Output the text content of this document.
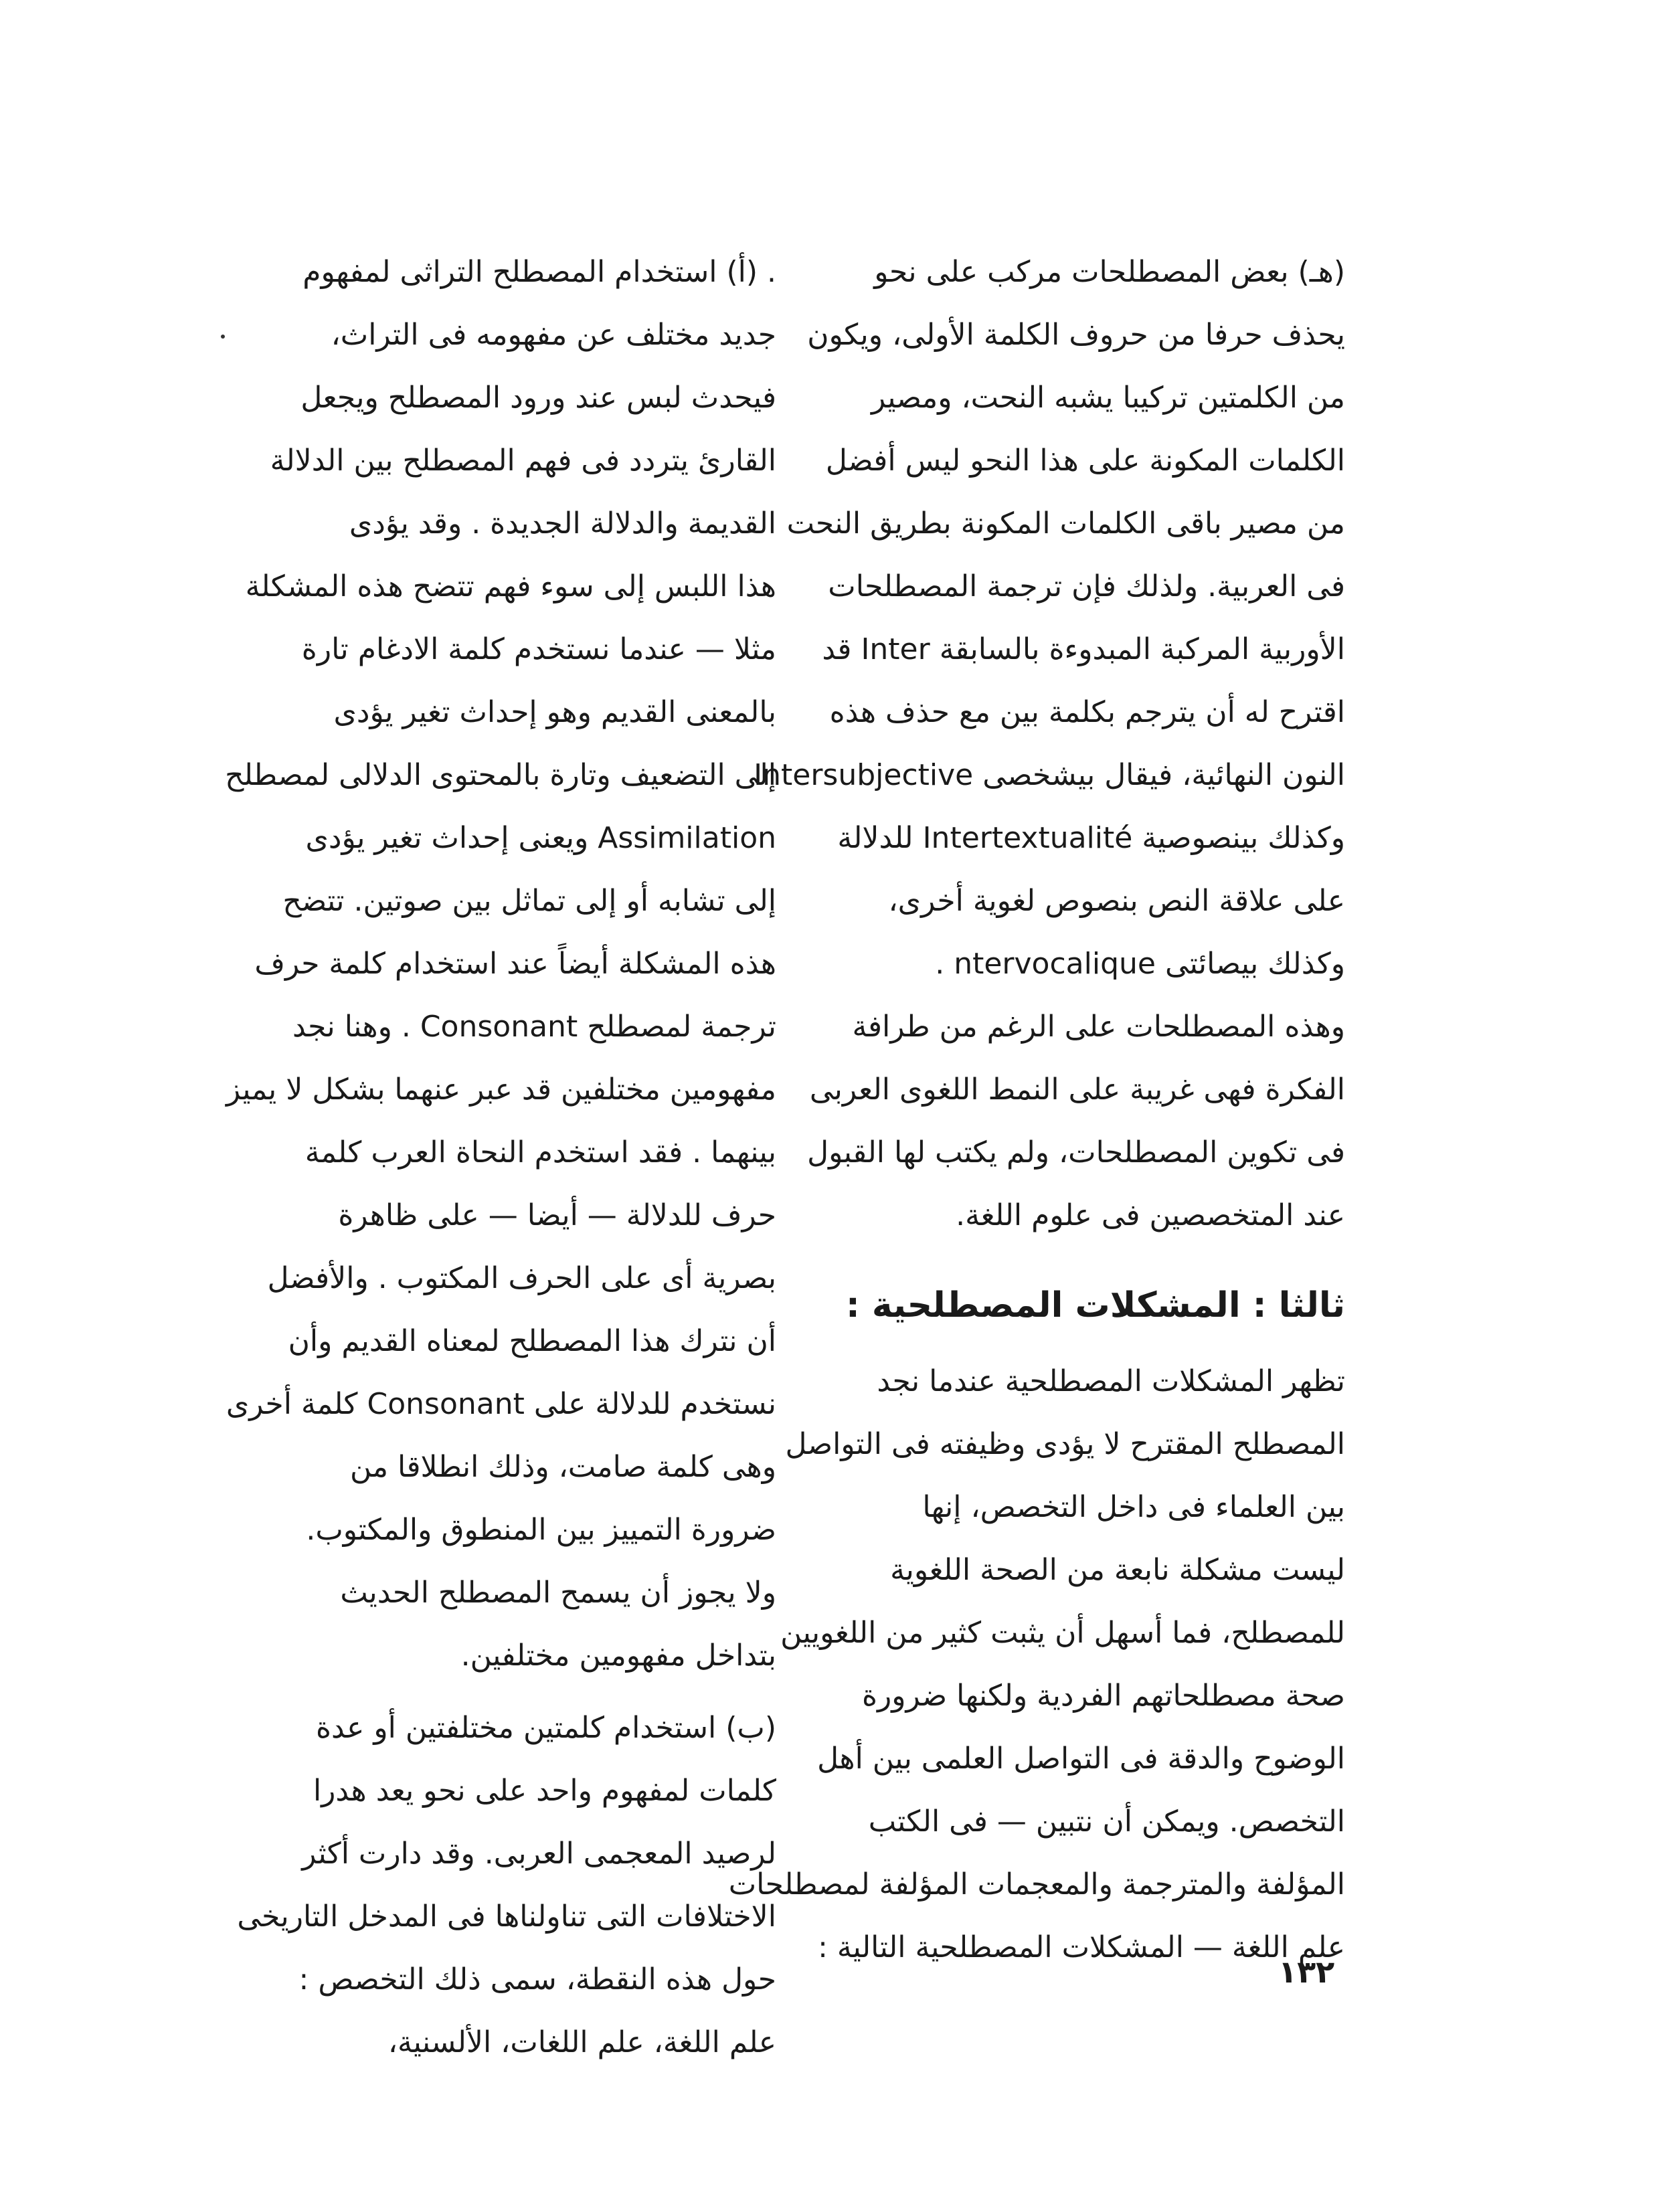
(هـ) بعض المصطلحات مركب على نحو
يحذف حرفا من حروف الكلمة الأولى، ويكون
من الكلمتين تركيبا يشبه النحت، ومصير
الكلمات المكونة على هذا النحو ليس أفضل
من مصير باقى الكلمات المكونة بطريق النحت
فى العربية. ولذلك فإن ترجمة المصطلحات
الأوربية المركبة المبدوءة بالسابقة Inter قد
اقترح له أن يترجم بكلمة بين مع حذف هذه
النون النهائية، فيقال بيشخصى Intersubjective
وكذلك بينصوصية Intertextualité للدلالة
على علاقة النص بنصوص لغوية أخرى،
وكذلك بيصائتى ntervocalique .
وهذه المصطلحات على الرغم من طرافة
الفكرة فهى غريبة على النمط اللغوى العربى
فى تكوين المصطلحات، ولم يكتب لها القبول
عند المتخصصين فى علوم اللغة.

ثالثا : المشكلات المصطلحية :

تظهر المشكلات المصطلحية عندما نجد
المصطلح المقترح لا يؤدى وظيفته فى التواصل
بين العلماء فى داخل التخصص، إنها
ليست مشكلة نابعة من الصحة اللغوية
للمصطلح، فما أسهل أن يثبت كثير من اللغويين
صحة مصطلحاتهم الفردية ولكنها ضرورة
الوضوح والدقة فى التواصل العلمى بين أهل
التخصص. ويمكن أن نتبين — فى الكتب
المؤلفة والمترجمة والمعجمات المؤلفة لمصطلحات
علم اللغة — المشكلات المصطلحية التالية :

. (أ) استخدام المصطلح التراثى لمفهوم
جديد مختلف عن مفهومه فى التراث،
فيحدث لبس عند ورود المصطلح ويجعل
القارئ يتردد فى فهم المصطلح بين الدلالة
القديمة والدلالة الجديدة . وقد يؤدى
هذا اللبس إلى سوء فهم تتضح هذه المشكلة
مثلا — عندما نستخدم كلمة الادغام تارة
بالمعنى القديم وهو إحداث تغير يؤدى
إلى التضعيف وتارة بالمحتوى الدلالى لمصطلح
Assimilation ويعنى إحداث تغير يؤدى
إلى تشابه أو إلى تماثل بين صوتين. تتضح
هذه المشكلة أيضاً عند استخدام كلمة حرف
ترجمة لمصطلح Consonant . وهنا نجد
مفهومين مختلفين قد عبر عنهما بشكل لا يميز
بينهما . فقد استخدم النحاة العرب كلمة
حرف للدلالة — أيضا — على ظاهرة
بصرية أى على الحرف المكتوب . والأفضل
أن نترك هذا المصطلح لمعناه القديم وأن
نستخدم للدلالة على Consonant كلمة أخرى
وهى كلمة صامت، وذلك انطلاقا من
ضرورة التمييز بين المنطوق والمكتوب.
ولا يجوز أن يسمح المصطلح الحديث
بتداخل مفهومين مختلفين.

(ب) استخدام كلمتين مختلفتين أو عدة
كلمات لمفهوم واحد على نحو يعد هدرا
لرصيد المعجمى العربى. وقد دارت أكثر
الاختلافات التى تناولناها فى المدخل التاريخى
حول هذه النقطة، سمى ذلك التخصص :
علم اللغة، علم اللغات، الألسنية،

١٣٢
